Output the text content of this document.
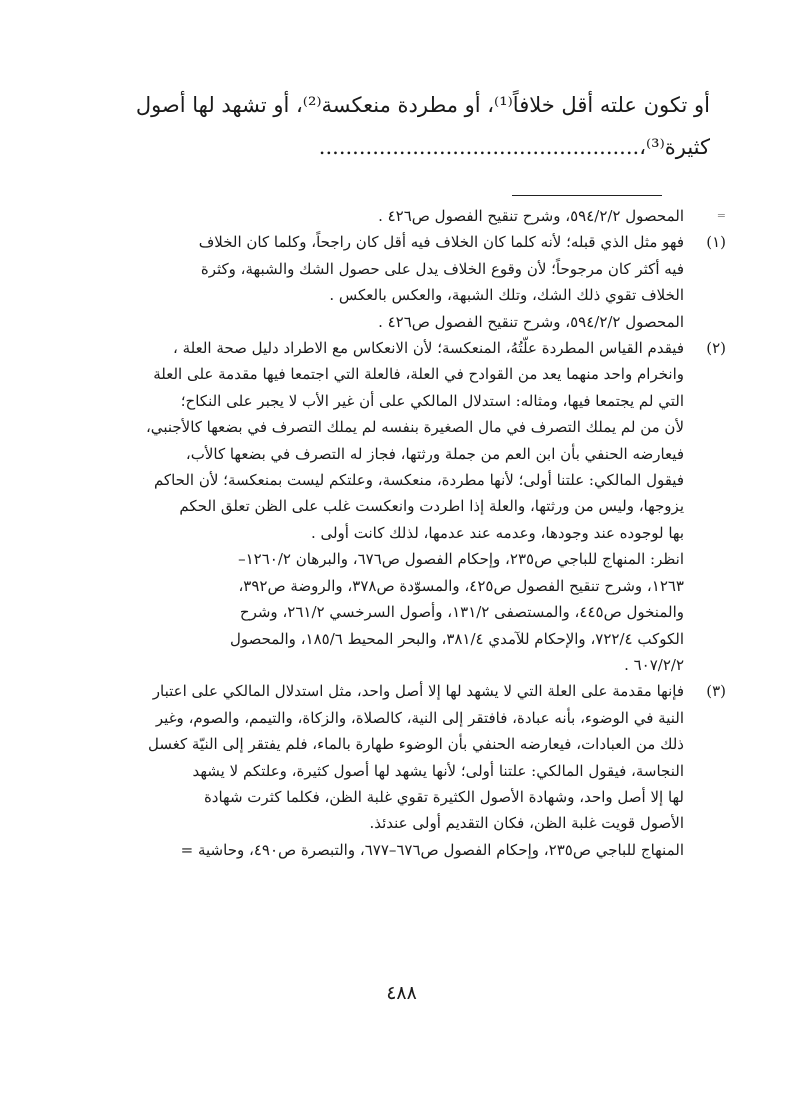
أو تكون علته أقل خلافاً⁽¹⁾، أو مطردة منعكسة⁽²⁾، أو تشهد لها أصول
كثيرة⁽³⁾،................................................
=
المحصول ٥٩٤/٢/٢، وشرح تنقيح الفصول ص٤٢٦ .
(١)
فهو مثل الذي قبله؛ لأنه كلما كان الخلاف فيه أقل كان راجحاً، وكلما كان الخلاف
فيه أكثر كان مرجوحاً؛ لأن وقوع الخلاف يدل على حصول الشك والشبهة، وكثرة
الخلاف تقوي ذلك الشك، وتلك الشبهة، والعكس بالعكس .
المحصول ٥٩٤/٢/٢، وشرح تنقيح الفصول ص٤٢٦ .
(٢)
فيقدم القياس المطردة علّتُهُ، المنعكسة؛ لأن الانعكاس مع الاطراد دليل صحة العلة ،
وانخرام واحد منهما يعد من القوادح في العلة، فالعلة التي اجتمعا فيها مقدمة على العلة
التي لم يجتمعا فيها، ومثاله: استدلال المالكي على أن غير الأب لا يجبر على النكاح؛
لأن من لم يملك التصرف في مال الصغيرة بنفسه لم يملك التصرف في بضعها كالأجنبي،
فيعارضه الحنفي بأن ابن العم من جملة ورثتها، فجاز له التصرف في بضعها كالأب،
فيقول المالكي: علتنا أولى؛ لأنها مطردة، منعكسة، وعلتكم ليست بمنعكسة؛ لأن الحاكم
يزوجها، وليس من ورثتها، والعلة إذا اطردت وانعكست غلب على الظن تعلق الحكم
بها لوجوده عند وجودها، وعدمه عند عدمها، لذلك كانت أولى .
انظر: المنهاج للباجي ص٢٣٥، وإحكام الفصول ص٦٧٦، والبرهان ١٢٦٠/٢–
١٢٦٣، وشرح تنقيح الفصول ص٤٢٥، والمسوّدة ص٣٧٨، والروضة ص٣٩٢،
والمنخول ص٤٤٥، والمستصفى ١٣١/٢، وأصول السرخسي ٢٦١/٢، وشرح
الكوكب ٧٢٢/٤، والإحكام للآمدي ٣٨١/٤، والبحر المحيط ١٨٥/٦، والمحصول
٦٠٧/٢/٢ .
(٣)
فإنها مقدمة على العلة التي لا يشهد لها إلا أصل واحد، مثل استدلال المالكي على اعتبار
النية في الوضوء، بأنه عبادة، فافتقر إلى النية، كالصلاة، والزكاة، والتيمم، والصوم، وغير
ذلك من العبادات، فيعارضه الحنفي بأن الوضوء طهارة بالماء، فلم يفتقر إلى النيّة كغسل
النجاسة، فيقول المالكي: علتنا أولى؛ لأنها يشهد لها أصول كثيرة، وعلتكم لا يشهد
لها إلا أصل واحد، وشهادة الأصول الكثيرة تقوي غلبة الظن، فكلما كثرت شهادة
الأصول قويت غلبة الظن، فكان التقديم أولى عندئذ.
المنهاج للباجي ص٢٣٥، وإحكام الفصول ص٦٧٦–٦٧٧، والتبصرة ص٤٩٠، وحاشية =
٤٨٨
